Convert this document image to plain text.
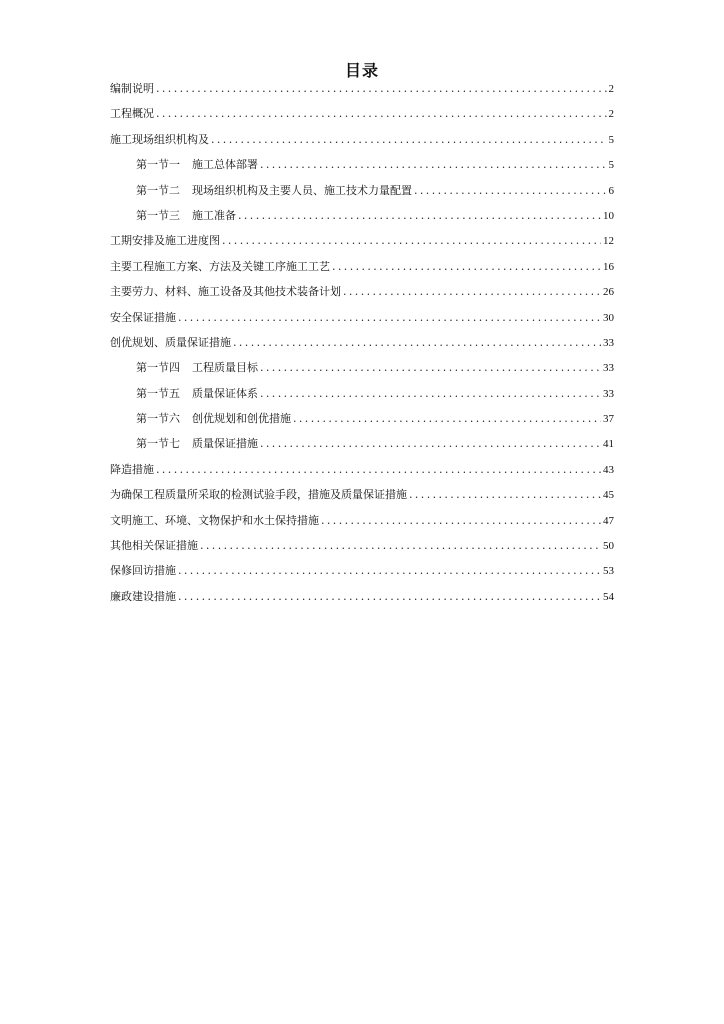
目录
编制说明 .....	2
工程概况 .....	2
施工现场组织机构及 .....	5
第一节一 施工总体部署 .....	5
第一节二 现场组织机构及主要人员、施工技术力量配置 .....	6
第一节三 施工准备 .....	10
工期安排及施工进度图 .....	12
主要工程施工方案、方法及关键工序施工工艺 .....	16
主要劳力、材料、施工设备及其他技术装备计划 .....	26
安全保证措施 .....	30
创优规划、质量保证措施 .....	33
第一节四 工程质量目标 .....	33
第一节五 质量保证体系 .....	33
第一节六 创优规划和创优措施 .....	37
第一节七 质量保证措施 .....	41
降造措施 .....	43
为确保工程质量所采取的检测试验手段，措施及质量保证措施 .....	45
文明施工、环境、文物保护和水土保持措施 .....	47
其他相关保证措施 .....	50
保修回访措施 .....	53
廉政建设措施 .....	54
